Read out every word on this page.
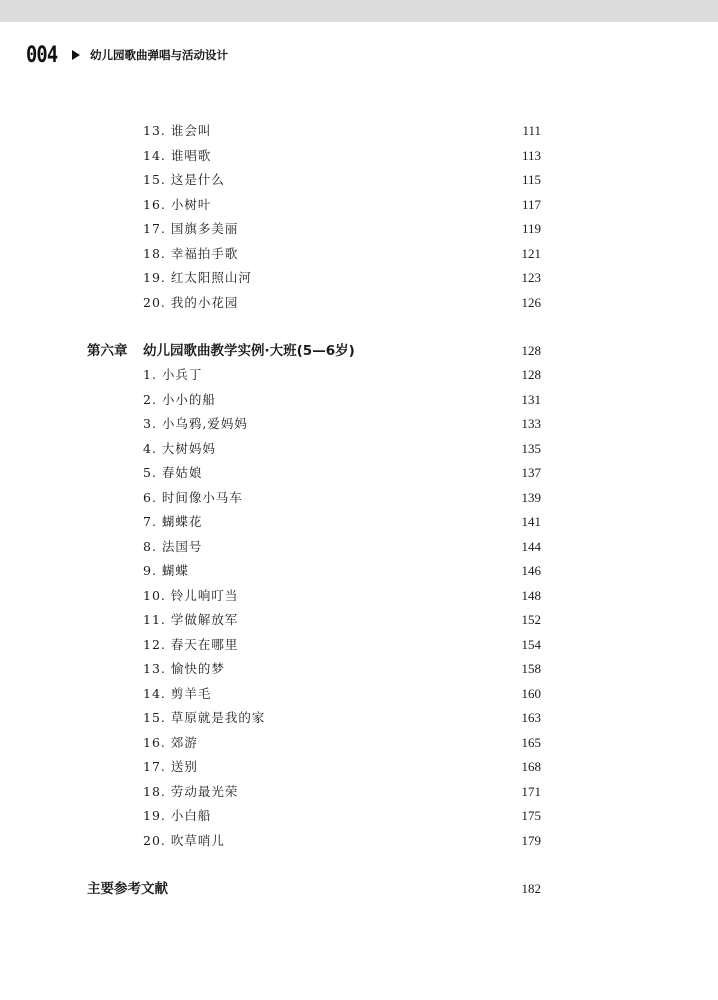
004	幼儿园歌曲弹唱与活动设计
13. 谁会叫	111
14. 谁唱歌	113
15. 这是什么	115
16. 小树叶	117
17. 国旗多美丽	119
18. 幸福拍手歌	121
19. 红太阳照山河	123
20. 我的小花园	126
第六章 幼儿园歌曲教学实例·大班(5—6岁)	128
1. 小兵丁	128
2. 小小的船	131
3. 小乌鸦,爱妈妈	133
4. 大树妈妈	135
5. 春姑娘	137
6. 时间像小马车	139
7. 蝴蝶花	141
8. 法国号	144
9. 蝴蝶	146
10. 铃儿响叮当	148
11. 学做解放军	152
12. 春天在哪里	154
13. 愉快的梦	158
14. 剪羊毛	160
15. 草原就是我的家	163
16. 郊游	165
17. 送别	168
18. 劳动最光荣	171
19. 小白船	175
20. 吹草哨儿	179
主要参考文献	182
